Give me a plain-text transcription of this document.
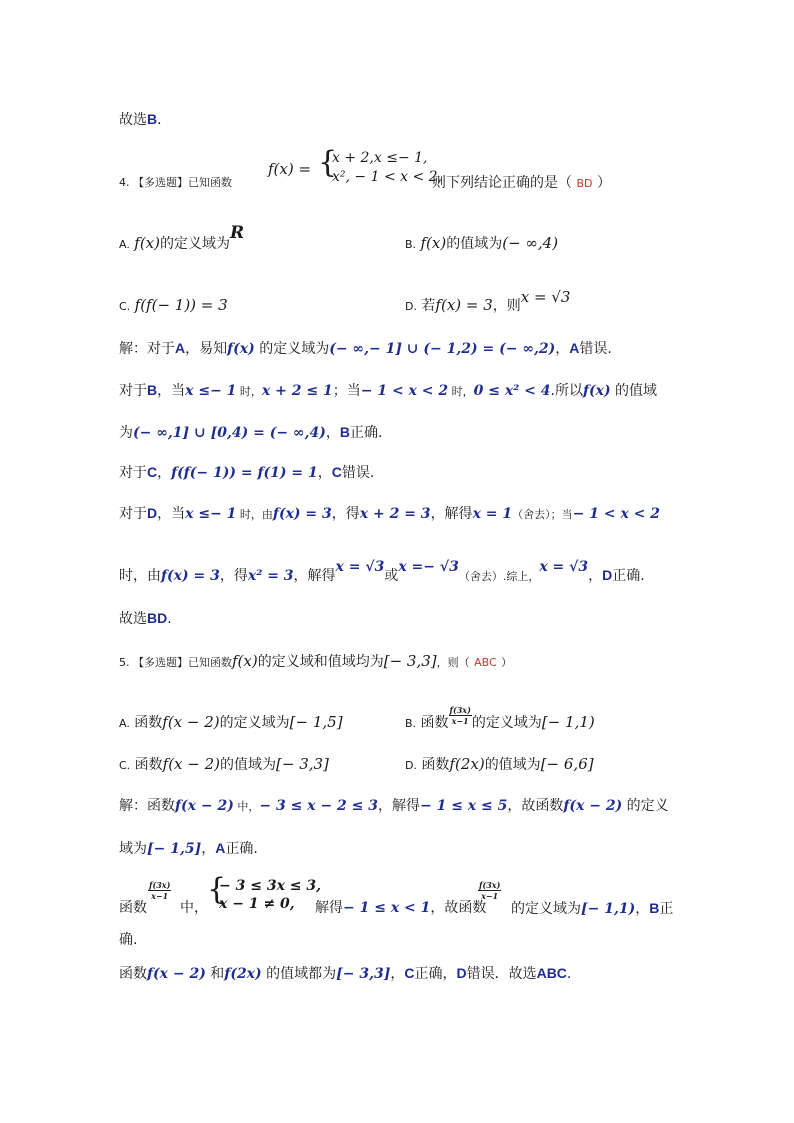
故选B.
4. 【多选题】已知函数
f(x) = {
x + 2,x ≤− 1,
x², − 1 < x < 2,
则下列结论正确的是（ BD ）
A. f(x)的定义域为R
B. f(x)的值域为(− ∞,4)
C. f(f(− 1)) = 3	D. 若f(x) = 3，则x = √3
解：对于A，易知f(x) 的定义域为(− ∞,− 1] ∪ (− 1,2) = (− ∞,2)，A错误.
对于B，当x ≤− 1 时，x + 2 ≤ 1；当− 1 < x < 2 时，0 ≤ x² < 4.所以f(x) 的值域
为(− ∞,1] ∪ [0,4) = (− ∞,4)，B正确.
对于C，f(f(− 1)) = f(1) = 1，C错误.
对于D，当x ≤− 1 时，由f(x) = 3，得x + 2 = 3，解得x = 1（舍去）；当− 1 < x < 2
时，由f(x) = 3，得x² = 3，解得x = √3或x =− √3（舍去）.综上，x = √3，D正确.
故选BD.
5. 【多选题】已知函数f(x)的定义域和值域均为[− 3,3]，则（ ABC ）
A. 函数f(x − 2)的定义域为[− 1,5]	B. 函数 $\frac{f(3x)}{x-1}$ 的定义域为[− 1,1)
C. 函数f(x − 2)的值域为[− 3,3]	D. 函数f(2x)的值域为[− 6,6]
解：函数f(x − 2) 中，− 3 ≤ x − 2 ≤ 3，解得− 1 ≤ x ≤ 5，故函数f(x − 2) 的定义
域为[− 1,5]，A正确.
函数
$\frac{f(3x)}{x-1}$
中，
{
− 3 ≤ 3x ≤ 3,
x − 1 ≠ 0, 解得− 1 ≤ x < 1，故函数
$\frac{f(3x)}{x-1}$
的定义域为[− 1,1)，B正
确.
函数f(x − 2) 和f(2x) 的值域都为[− 3,3]，C正确，D错误．故选ABC.
